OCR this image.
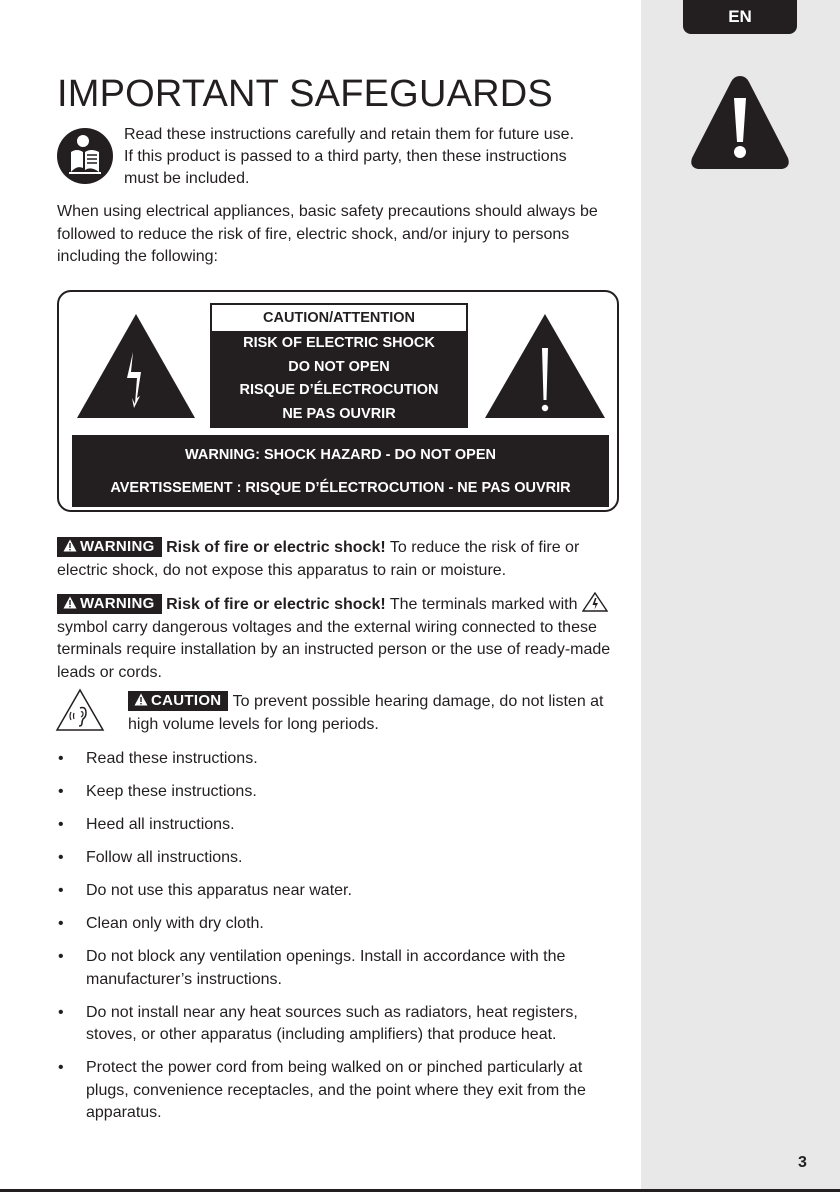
EN
IMPORTANT SAFEGUARDS
Read these instructions carefully and retain them for future use.
If this product is passed to a third party, then these instructions
must be included.
When using electrical appliances, basic safety precautions should always be followed to reduce the risk of fire, electric shock, and/or injury to persons including the following:
CAUTION/ATTENTION
RISK OF ELECTRIC SHOCK
DO NOT OPEN
RISQUE D’ÉLECTROCUTION
NE PAS OUVRIR
WARNING: SHOCK HAZARD - DO NOT OPEN
AVERTISSEMENT : RISQUE D’ÉLECTROCUTION - NE PAS OUVRIR
WARNING Risk of fire or electric shock! To reduce the risk of fire or electric shock, do not expose this apparatus to rain or moisture.
WARNING Risk of fire or electric shock! The terminals marked with  symbol carry dangerous voltages and the external wiring connected to these terminals require installation by an instructed person or the use of ready-made leads or cords.
CAUTION To prevent possible hearing damage, do not listen at high volume levels for long periods.
• Read these instructions.
• Keep these instructions.
• Heed all instructions.
• Follow all instructions.
• Do not use this apparatus near water.
• Clean only with dry cloth.
• Do not block any ventilation openings. Install in accordance with the manufacturer’s instructions.
• Do not install near any heat sources such as radiators, heat registers, stoves, or other apparatus (including amplifiers) that produce heat.
• Protect the power cord from being walked on or pinched particularly at plugs, convenience receptacles, and the point where they exit from the apparatus.
3
